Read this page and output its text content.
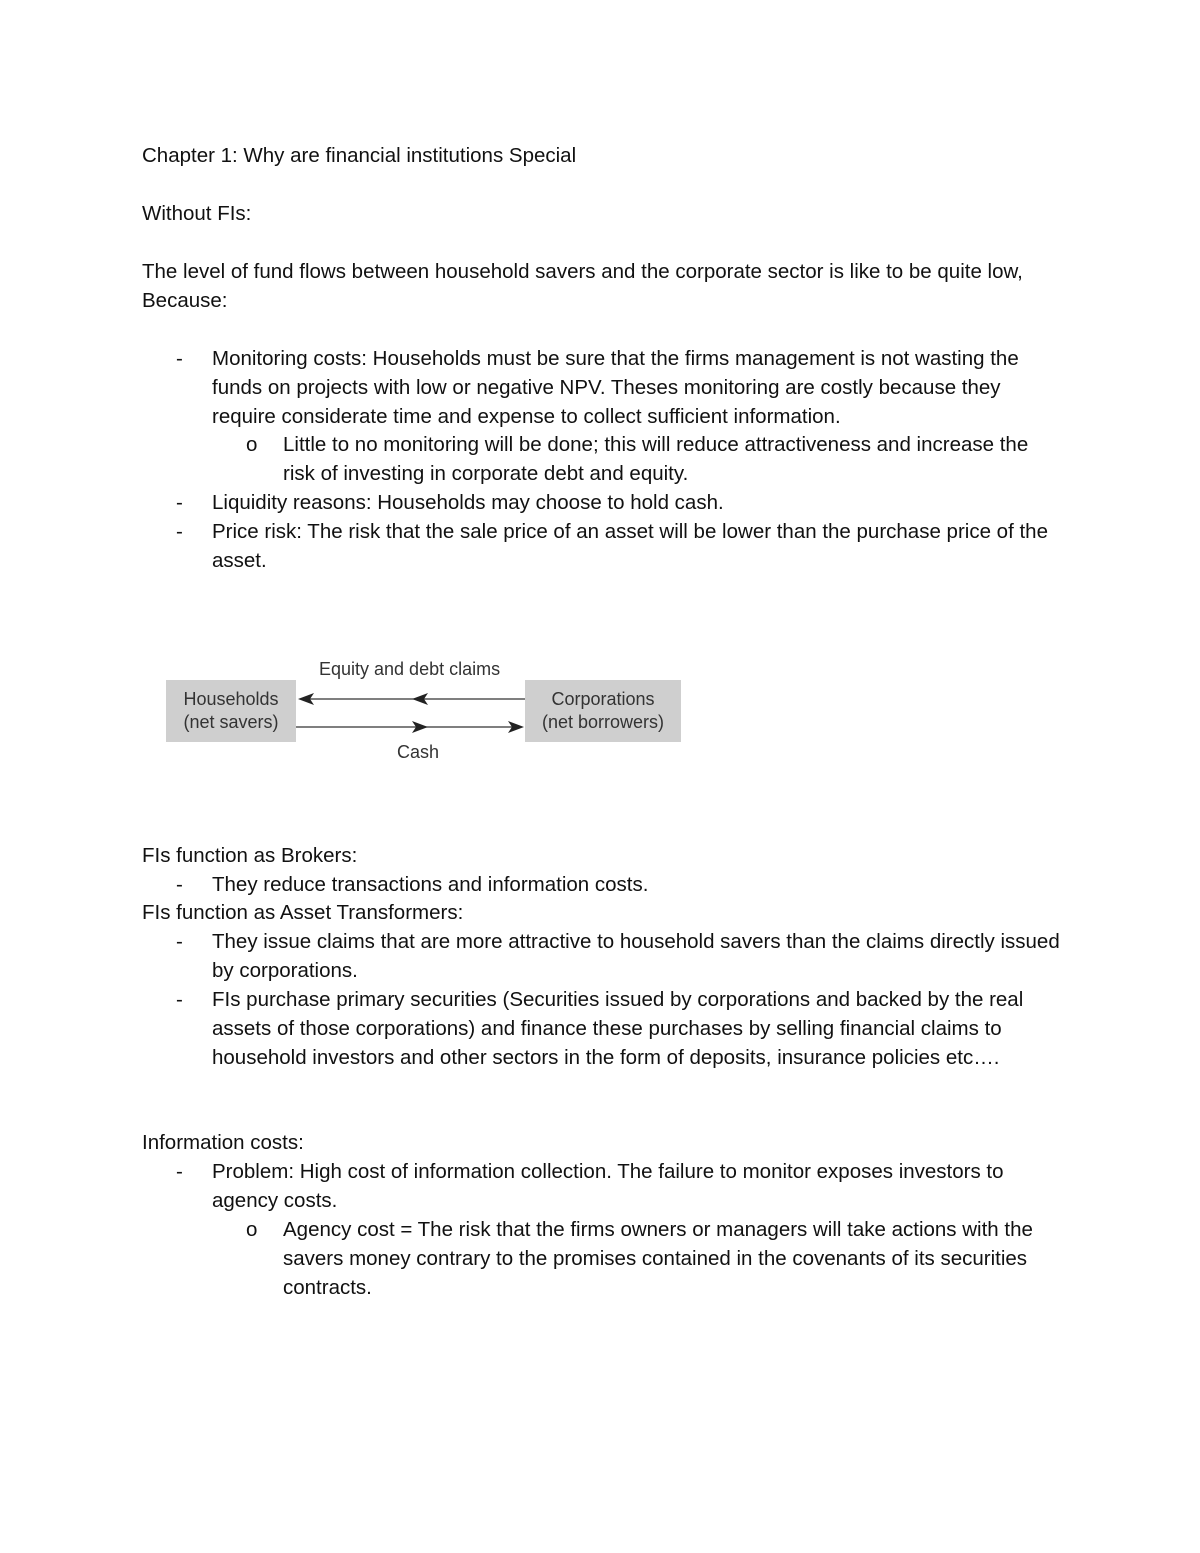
Chapter 1: Why are financial institutions Special
Without FIs:
The level of fund flows between household savers and the corporate sector is like to be quite low, Because:
- Monitoring costs: Households must be sure that the firms management is not wasting the funds on projects with low or negative NPV. Theses monitoring are costly because they require considerate time and expense to collect sufficient information.
o Little to no monitoring will be done; this will reduce attractiveness and increase the risk of investing in corporate debt and equity.
- Liquidity reasons: Households may choose to hold cash.
- Price risk: The risk that the sale price of an asset will be lower than the purchase price of the asset.
Equity and debt claims
Households
(net savers)
Corporations
(net borrowers)
Cash
FIs function as Brokers:
- They reduce transactions and information costs.
FIs function as Asset Transformers:
- They issue claims that are more attractive to household savers than the claims directly issued by corporations.
- FIs purchase primary securities (Securities issued by corporations and backed by the real assets of those corporations) and finance these purchases by selling financial claims to household investors and other sectors in the form of deposits, insurance policies etc….
Information costs:
- Problem: High cost of information collection. The failure to monitor exposes investors to agency costs.
o Agency cost = The risk that the firms owners or managers will take actions with the savers money contrary to the promises contained in the covenants of its securities contracts.
